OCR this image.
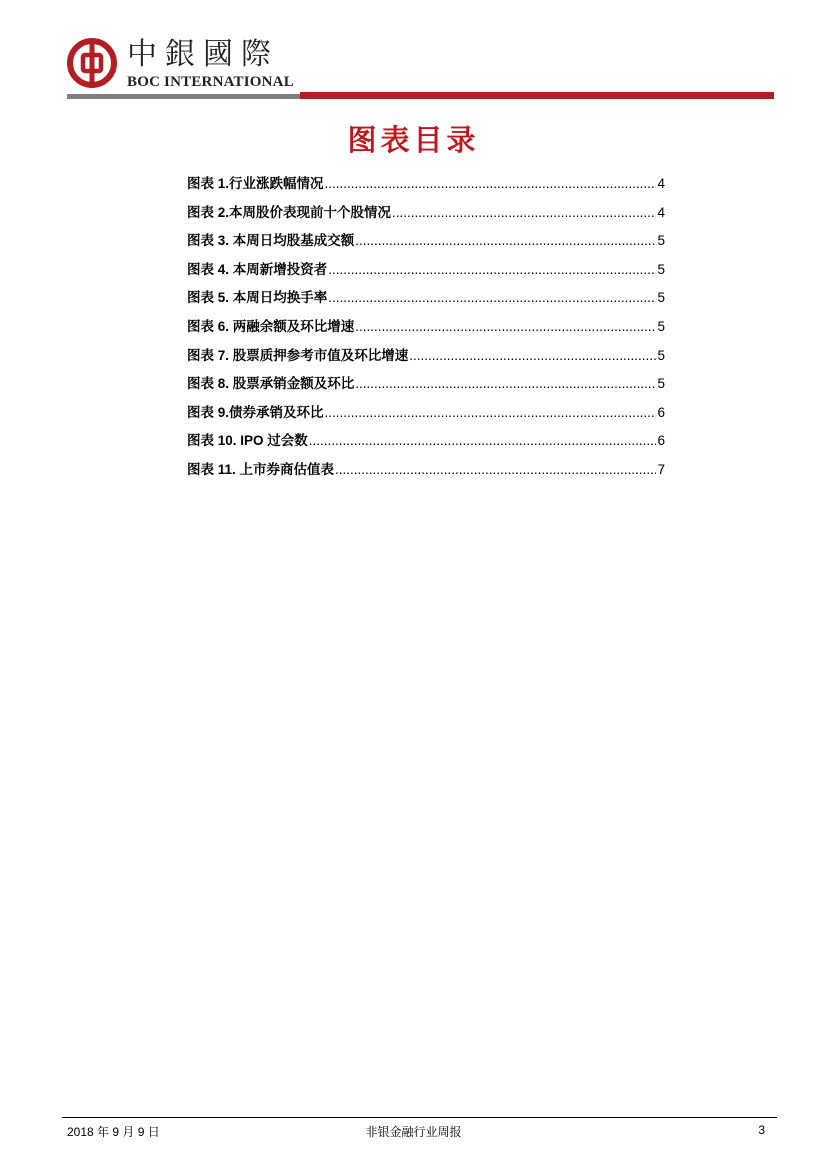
中銀國際
BOC INTERNATIONAL
图表目录
图表 1.行业涨跌幅情况 .....	4
图表 2.本周股价表现前十个股情况 .....	4
图表 3. 本周日均股基成交额 .....	5
图表 4. 本周新增投资者 .....	5
图表 5. 本周日均换手率 .....	5
图表 6. 两融余额及环比增速 .....	5
图表 7. 股票质押参考市值及环比增速 .....	5
图表 8. 股票承销金额及环比 .....	5
图表 9.债券承销及环比 .....	6
图表 10. IPO 过会数 .....	6
图表 11. 上市券商估值表 .....	7
2018 年 9 月 9 日	非银金融行业周报	3
